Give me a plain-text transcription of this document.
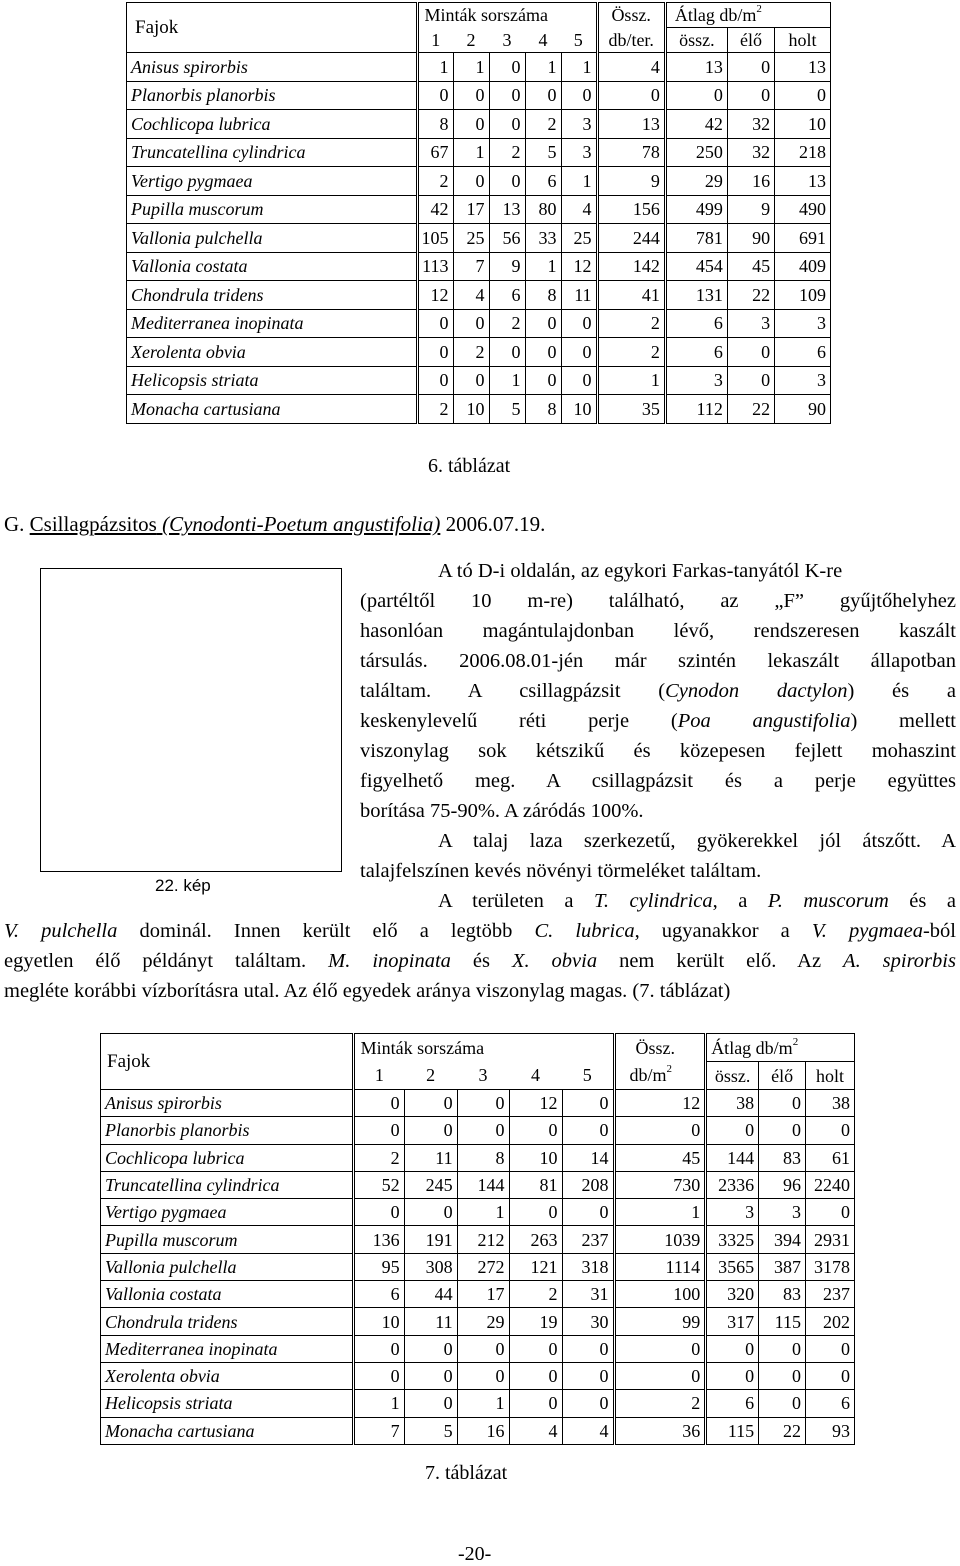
Fajok	Minták sorszáma					Össz.	Átlag $db/m^2$
	1	2	3	4	5	db/ter.	össz.	élő	holt
Anisus spirorbis	1	1	0	1	1	4	13	0	13
Planorbis planorbis	0	0	0	0	0	0	0	0	0
Cochlicopa lubrica	8	0	0	2	3	13	42	32	10
Truncatellina cylindrica	67	1	2	5	3	78	250	32	218
Vertigo pygmaea	2	0	0	6	1	9	29	16	13
Pupilla muscorum	42	17	13	80	4	156	499	9	490
Vallonia pulchella	105	25	56	33	25	244	781	90	691
Vallonia costata	113	7	9	1	12	142	454	45	409
Chondrula tridens	12	4	6	8	11	41	131	22	109
Mediterranea inopinata	0	0	2	0	0	2	6	3	3
Xerolenta obvia	0	2	0	0	0	2	6	0	6
Helicopsis striata	0	0	1	0	0	1	3	0	3
Monacha cartusiana	2	10	5	8	10	35	112	22	90
6. táblázat
G. Csillagpázsitos (Cynodonti-Poetum angustifolia) 2006.07.19.
22. kép
A tó D-i oldalán, az egykori Farkas-tanyától K-re
(partéltől 10 m-re) található, az „F” gyűjtőhelyhez
hasonlóan magántulajdonban lévő, rendszeresen kaszált
társulás. 2006.08.01-jén már szintén lekaszált állapotban
találtam. A csillagpázsit (Cynodon dactylon) és a
keskenylevelű réti perje (Poa angustifolia) mellett
viszonylag sok kétszikű és közepesen fejlett mohaszint
figyelhető meg. A csillagpázsit és a perje együttes
borítása 75-90%. A záródás 100%.
A talaj laza szerkezetű, gyökerekkel jól átszőtt. A
talajfelszínen kevés növényi törmeléket találtam.
A területen a T. cylindrica, a P. muscorum és a
V. pulchella dominál. Innen került elő a legtöbb C. lubrica, ugyanakkor a V. pygmaea-ból
egyetlen élő példányt találtam. M. inopinata és X. obvia nem került elő. Az A. spirorbis
megléte korábbi vízborításra utal. Az élő egyedek aránya viszonylag magas. (7. táblázat)
Fajok	Minták sorszáma					Össz.	Átlag $db/m^2$
	1	2	3	4	5	$db/m^2$	össz.	élő	holt
Anisus spirorbis	0	0	0	12	0	12	38	0	38
Planorbis planorbis	0	0	0	0	0	0	0	0	0
Cochlicopa lubrica	2	11	8	10	14	45	144	83	61
Truncatellina cylindrica	52	245	144	81	208	730	2336	96	2240
Vertigo pygmaea	0	0	1	0	0	1	3	3	0
Pupilla muscorum	136	191	212	263	237	1039	3325	394	2931
Vallonia pulchella	95	308	272	121	318	1114	3565	387	3178
Vallonia costata	6	44	17	2	31	100	320	83	237
Chondrula tridens	10	11	29	19	30	99	317	115	202
Mediterranea inopinata	0	0	0	0	0	0	0	0	0
Xerolenta obvia	0	0	0	0	0	0	0	0	0
Helicopsis striata	1	0	1	0	0	2	6	0	6
Monacha cartusiana	7	5	16	4	4	36	115	22	93
7. táblázat
-20-
